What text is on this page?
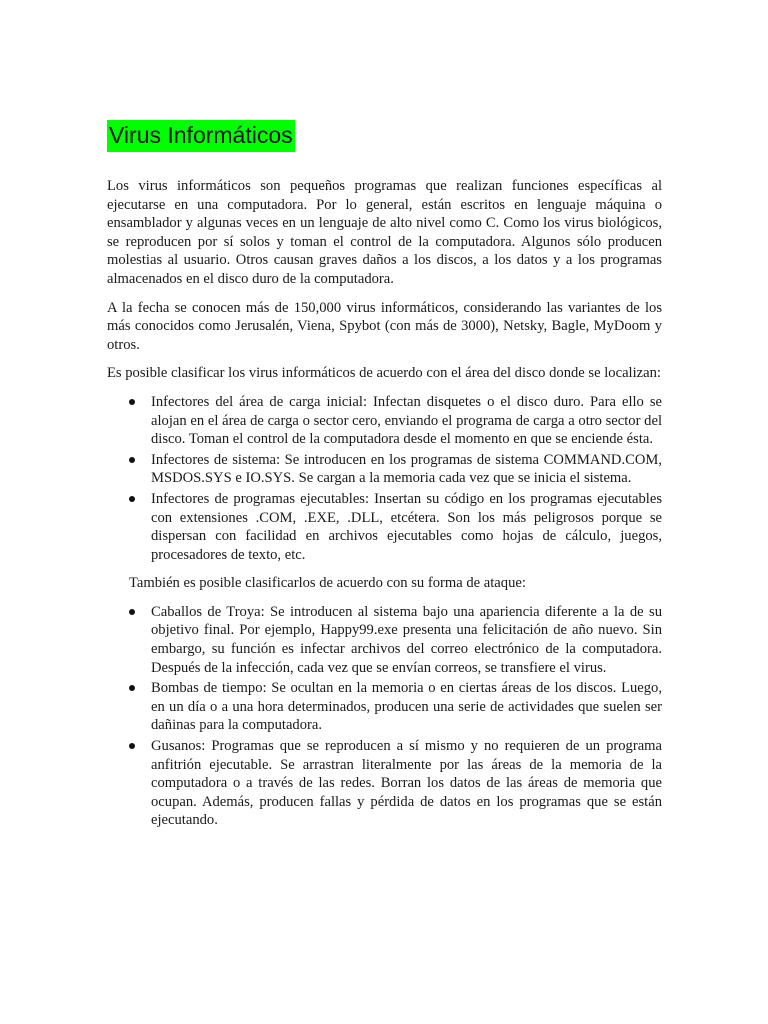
Virus Informáticos

Los virus informáticos son pequeños programas que realizan funciones específicas al ejecutarse en una computadora. Por lo general, están escritos en lenguaje máquina o ensamblador y algunas veces en un lenguaje de alto nivel como C. Como los virus biológicos, se reproducen por sí solos y toman el control de la computadora. Algunos sólo producen molestias al usuario. Otros causan graves daños a los discos, a los datos y a los programas almacenados en el disco duro de la computadora.

A la fecha se conocen más de 150,000 virus informáticos, considerando las variantes de los más conocidos como Jerusalén, Viena, Spybot (con más de 3000), Netsky, Bagle, MyDoom y otros.

Es posible clasificar los virus informáticos de acuerdo con el área del disco donde se localizan:

Infectores del área de carga inicial: Infectan disquetes o el disco duro. Para ello se alojan en el área de carga o sector cero, enviando el programa de carga a otro sector del disco. Toman el control de la computadora desde el momento en que se enciende ésta.
Infectores de sistema: Se introducen en los programas de sistema COMMAND.COM, MSDOS.SYS e IO.SYS. Se cargan a la memoria cada vez que se inicia el sistema.
Infectores de programas ejecutables: Insertan su código en los programas ejecutables con extensiones .COM, .EXE, .DLL, etcétera. Son los más peligrosos porque se dispersan con facilidad en archivos ejecutables como hojas de cálculo, juegos, procesadores de texto, etc.

También es posible clasificarlos de acuerdo con su forma de ataque:

Caballos de Troya: Se introducen al sistema bajo una apariencia diferente a la de su objetivo final. Por ejemplo, Happy99.exe presenta una felicitación de año nuevo. Sin embargo, su función es infectar archivos del correo electrónico de la computadora. Después de la infección, cada vez que se envían correos, se transfiere el virus.
Bombas de tiempo: Se ocultan en la memoria o en ciertas áreas de los discos. Luego, en un día o a una hora determinados, producen una serie de actividades que suelen ser dañinas para la computadora.
Gusanos: Programas que se reproducen a sí mismo y no requieren de un programa anfitrión ejecutable. Se arrastran literalmente por las áreas de la memoria de la computadora o a través de las redes. Borran los datos de las áreas de memoria que ocupan. Además, producen fallas y pérdida de datos en los programas que se están ejecutando.
